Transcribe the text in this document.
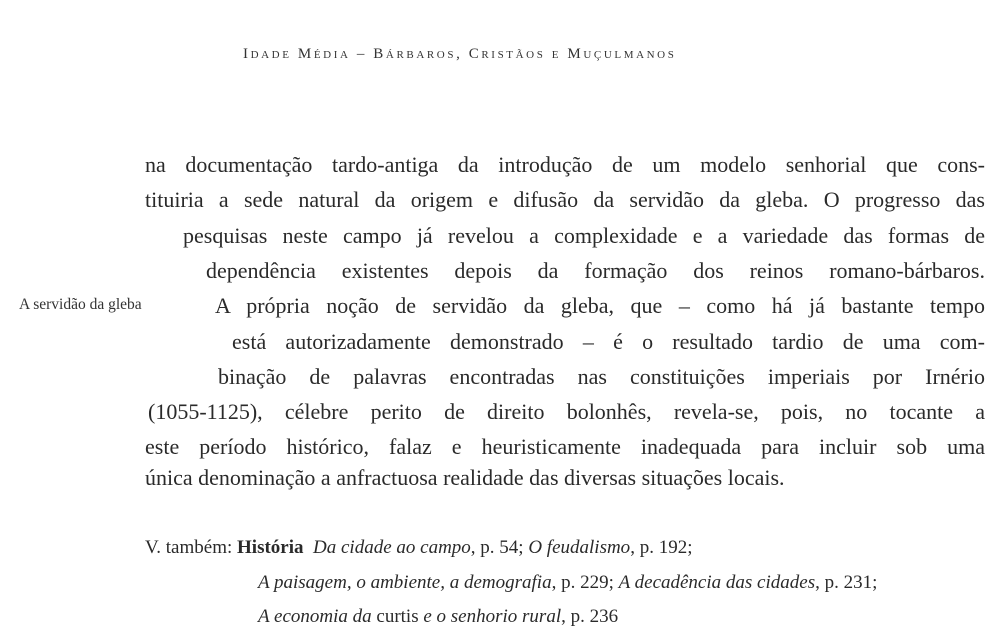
Idade Média – Bárbaros, Cristãos e Muçulmanos
na documentação tardo-antiga da introdução de um modelo senhorial que cons-
tituiria a sede natural da origem e difusão da servidão da gleba. O progresso das
pesquisas neste campo já revelou a complexidade e a variedade das formas de
dependência existentes depois da formação dos reinos romano-bárbaros.
A própria noção de servidão da gleba, que – como há já bastante tempo
está autorizadamente demonstrado – é o resultado tardio de uma com-
binação de palavras encontradas nas constituições imperiais por Irnério
(1055-1125), célebre perito de direito bolonhês, revela-se, pois, no tocante a
este período histórico, falaz e heuristicamente inadequada para incluir sob uma
única denominação a anfractuosa realidade das diversas situações locais.
A servidão da gleba
V. também: História Da cidade ao campo, p. 54; O feudalismo, p. 192;
A paisagem, o ambiente, a demografia, p. 229; A decadência das cidades, p. 231;
A economia da curtis e o senhorio rural, p. 236
